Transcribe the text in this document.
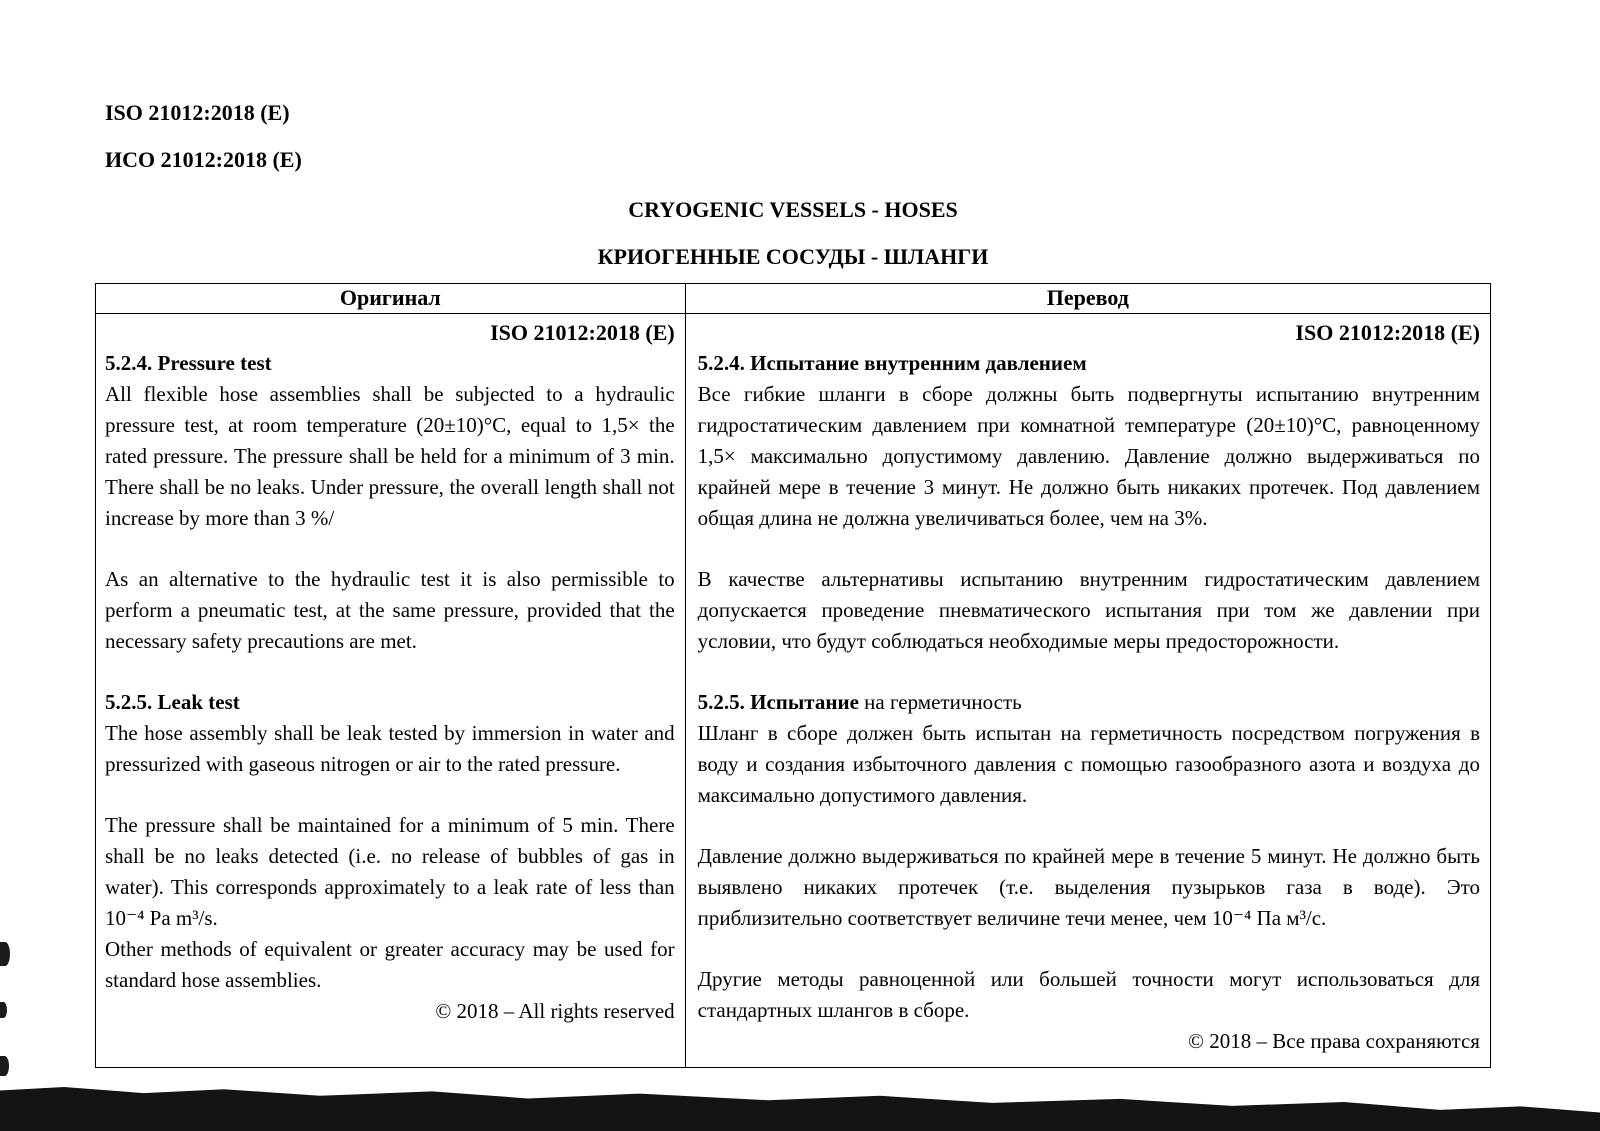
ISO 21012:2018 (E)
ИСО 21012:2018 (E)
CRYOGENIC VESSELS - HOSES
КРИОГЕННЫЕ СОСУДЫ - ШЛАНГИ
Оригинал	Перевод

ISO 21012:2018 (E)

5.2.4. Pressure test

All flexible hose assemblies shall be subjected to a hydraulic pressure test, at room temperature (20±10)°C, equal to 1,5× the rated pressure. The pressure shall be held for a minimum of 3 min. There shall be no leaks. Under pressure, the overall length shall not increase by more than 3 %/

As an alternative to the hydraulic test it is also permissible to perform a pneumatic test, at the same pressure, provided that the necessary safety precautions are met.

5.2.5. Leak test

The hose assembly shall be leak tested by immersion in water and pressurized with gaseous nitrogen or air to the rated pressure.

The pressure shall be maintained for a minimum of 5 min. There shall be no leaks detected (i.e. no release of bubbles of gas in water). This corresponds approximately to a leak rate of less than 10⁻⁴ Pa m³/s.

Other methods of equivalent or greater accuracy may be used for standard hose assemblies.

© 2018 – All rights reserved

ISO 21012:2018 (E)

5.2.4. Испытание внутренним давлением

Все гибкие шланги в сборе должны быть подвергнуты испытанию внутренним гидростатическим давлением при комнатной температуре (20±10)°С, равноценному 1,5× максимально допустимому давлению. Давление должно выдерживаться по крайней мере в течение 3 минут. Не должно быть никаких протечек. Под давлением общая длина не должна увеличиваться более, чем на 3%.

В качестве альтернативы испытанию внутренним гидростатическим давлением допускается проведение пневматического испытания при том же давлении при условии, что будут соблюдаться необходимые меры предосторожности.

5.2.5. Испытание на герметичность

Шланг в сборе должен быть испытан на герметичность посредством погружения в воду и создания избыточного давления с помощью газообразного азота и воздуха до максимально допустимого давления.

Давление должно выдерживаться по крайней мере в течение 5 минут. Не должно быть выявлено никаких протечек (т.е. выделения пузырьков газа в воде). Это приблизительно соответствует величине течи менее, чем 10⁻⁴ Па м³/с.

Другие методы равноценной или большей точности могут использоваться для стандартных шлангов в сборе.

© 2018 – Все права сохраняются
